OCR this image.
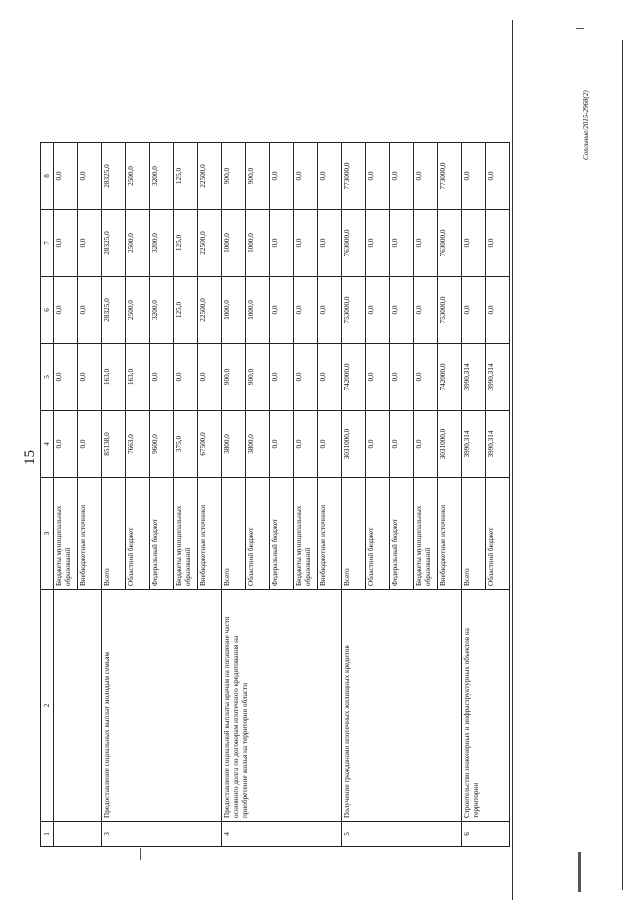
15
1	2	3	4	5	6	7	8
		Бюджеты муниципальных образований	0,0	0,0	0,0	0,0	0,0
		Внебюджетные источники	0,0	0,0	0,0	0,0	0,0
3	Предоставление социальных выплат молодым семьям	Всего	85138,0	163,0	28325,0	28325,0	28325,0
		Областной бюджет	7663,0	163,0	2500,0	2500,0	2500,0
		Федеральный бюджет	9600,0	0,0	3200,0	3200,0	3200,0
		Бюджеты муниципальных образований	375,0	0,0	125,0	125,0	125,0
		Внебюджетные источники	67500,0	0,0	22500,0	22500,0	22500,0
4	Предоставление социальной выплаты врачам на погашение части основного долга по договорам ипотечного кредитования на приобретение жилья на территории области	Всего	3800,0	900,0	1000,0	1000,0	900,0
		Областной бюджет	3800,0	900,0	1000,0	1000,0	900,0
		Федеральный бюджет	0,0	0,0	0,0	0,0	0,0
		Бюджеты муниципальных образований	0,0	0,0	0,0	0,0	0,0
		Внебюджетные источники	0,0	0,0	0,0	0,0	0,0
5	Получение гражданами ипотечных жилищных кредитов	Всего	3031000,0	742000,0	753000,0	763000,0	773000,0
		Областной бюджет	0,0	0,0	0,0	0,0	0,0
		Федеральный бюджет	0,0	0,0	0,0	0,0	0,0
		Бюджеты муниципальных образований	0,0	0,0	0,0	0,0	0,0
		Внебюджетные источники	3031000,0	742000,0	753000,0	763000,0	773000,0
6	Строительство инженерных и инфраструктурных объектов на территории	Всего	3990,314	3990,314	0,0	0,0	0,0
		Областной бюджет	3990,314	3990,314	0,0	0,0	0,0
Сопльные/2015-2968(2)
